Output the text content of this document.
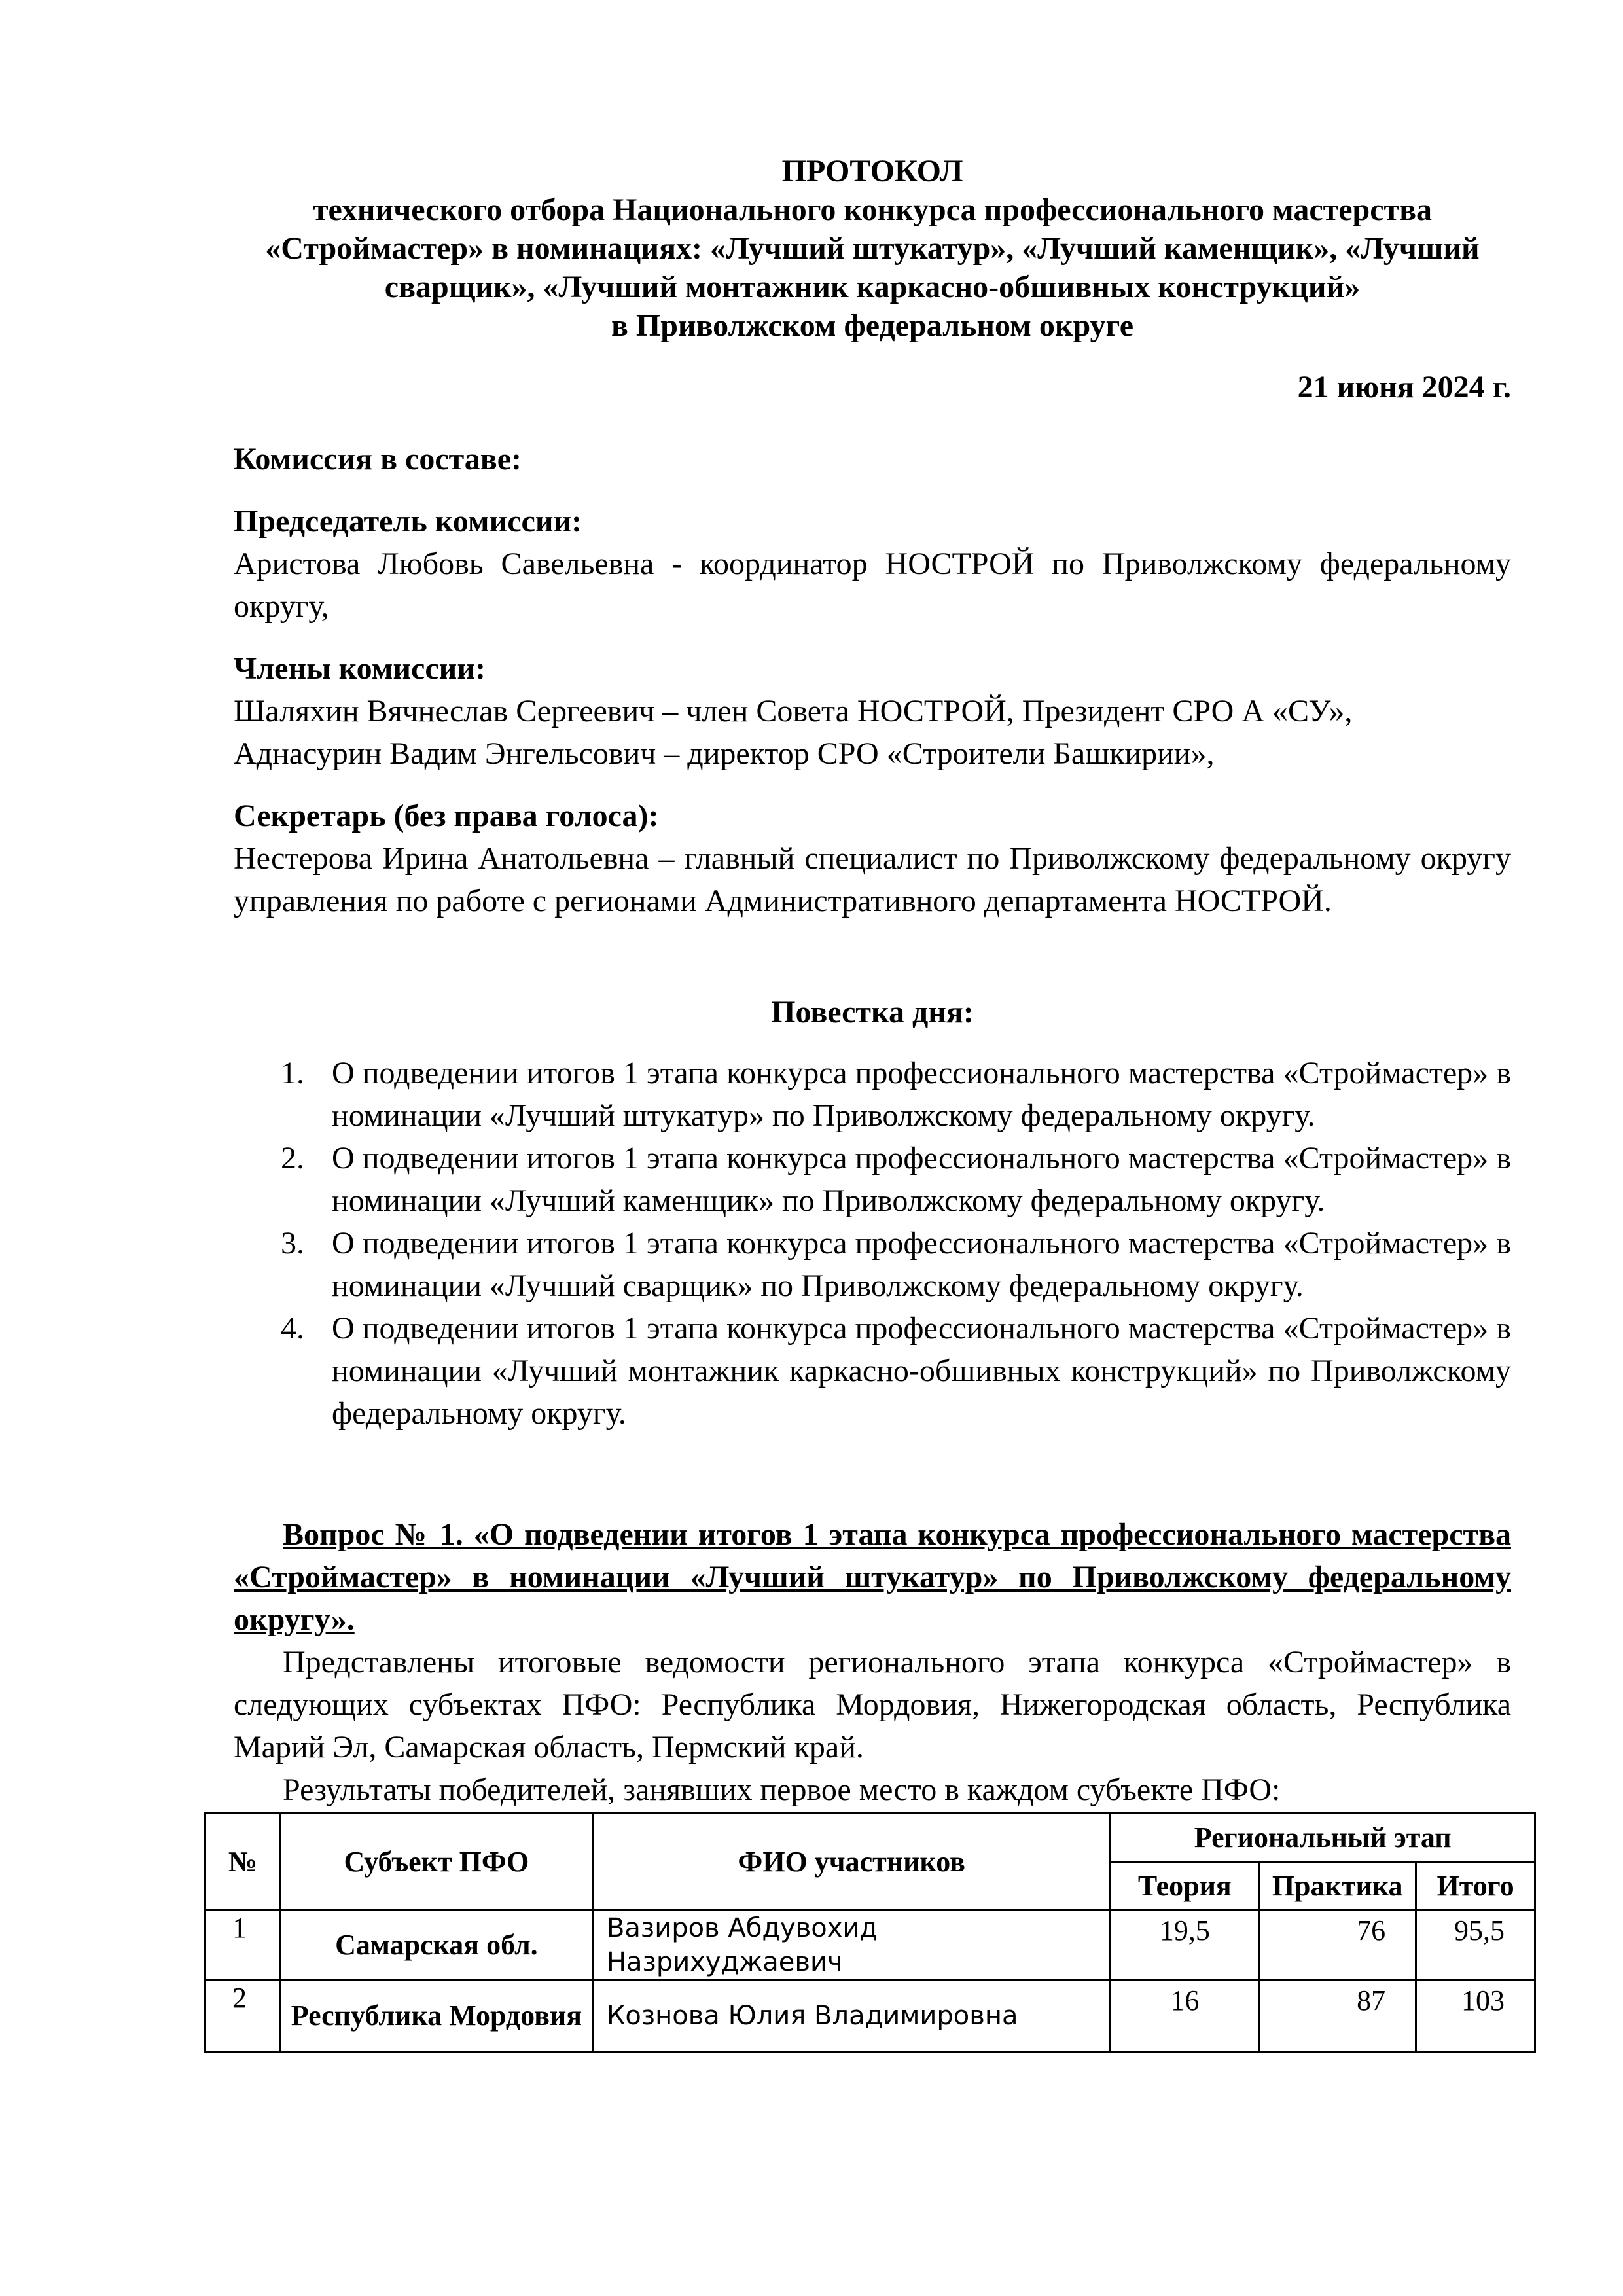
ПРОТОКОЛ
технического отбора Национального конкурса профессионального мастерства
«Строймастер» в номинациях: «Лучший штукатур», «Лучший каменщик», «Лучший
сварщик», «Лучший монтажник каркасно-обшивных конструкций»
в Приволжском федеральном округе
21 июня 2024 г.
Комиссия в составе:
Председатель комиссии:
Аристова Любовь Савельевна - координатор НОСТРОЙ по Приволжскому федеральному округу,
Члены комиссии:
Шаляхин Вячнеслав Сергеевич – член Совета НОСТРОЙ, Президент СРО А «СУ»,
Аднасурин Вадим Энгельсович – директор СРО «Строители Башкирии»,
Секретарь (без права голоса):
Нестерова Ирина Анатольевна – главный специалист по Приволжскому федеральному округу управления по работе с регионами Административного департамента НОСТРОЙ.
Повестка дня:
1. О подведении итогов 1 этапа конкурса профессионального мастерства «Строймастер» в номинации «Лучший штукатур» по Приволжскому федеральному округу.
2. О подведении итогов 1 этапа конкурса профессионального мастерства «Строймастер» в номинации «Лучший каменщик» по Приволжскому федеральному округу.
3. О подведении итогов 1 этапа конкурса профессионального мастерства «Строймастер» в номинации «Лучший сварщик» по Приволжскому федеральному округу.
4. О подведении итогов 1 этапа конкурса профессионального мастерства «Строймастер» в номинации «Лучший монтажник каркасно-обшивных конструкций» по Приволжскому федеральному округу.
Вопрос № 1. «О подведении итогов 1 этапа конкурса профессионального мастерства «Строймастер» в номинации «Лучший штукатур» по Приволжскому федеральному округу».
Представлены итоговые ведомости регионального этапа конкурса «Строймастер» в следующих субъектах ПФО: Республика Мордовия, Нижегородская область, Республика Марий Эл, Самарская область, Пермский край.
Результаты победителей, занявших первое место в каждом субъекте ПФО:
№	Субъект ПФО	ФИО участников	Региональный этап		
			Теория	Практика	Итого
1	Самарская обл.	Вазиров Абдувохид Назрихуджаевич	19,5	76	95,5
2	Республика Мордовия	Кознова Юлия Владимировна	16	87	103
